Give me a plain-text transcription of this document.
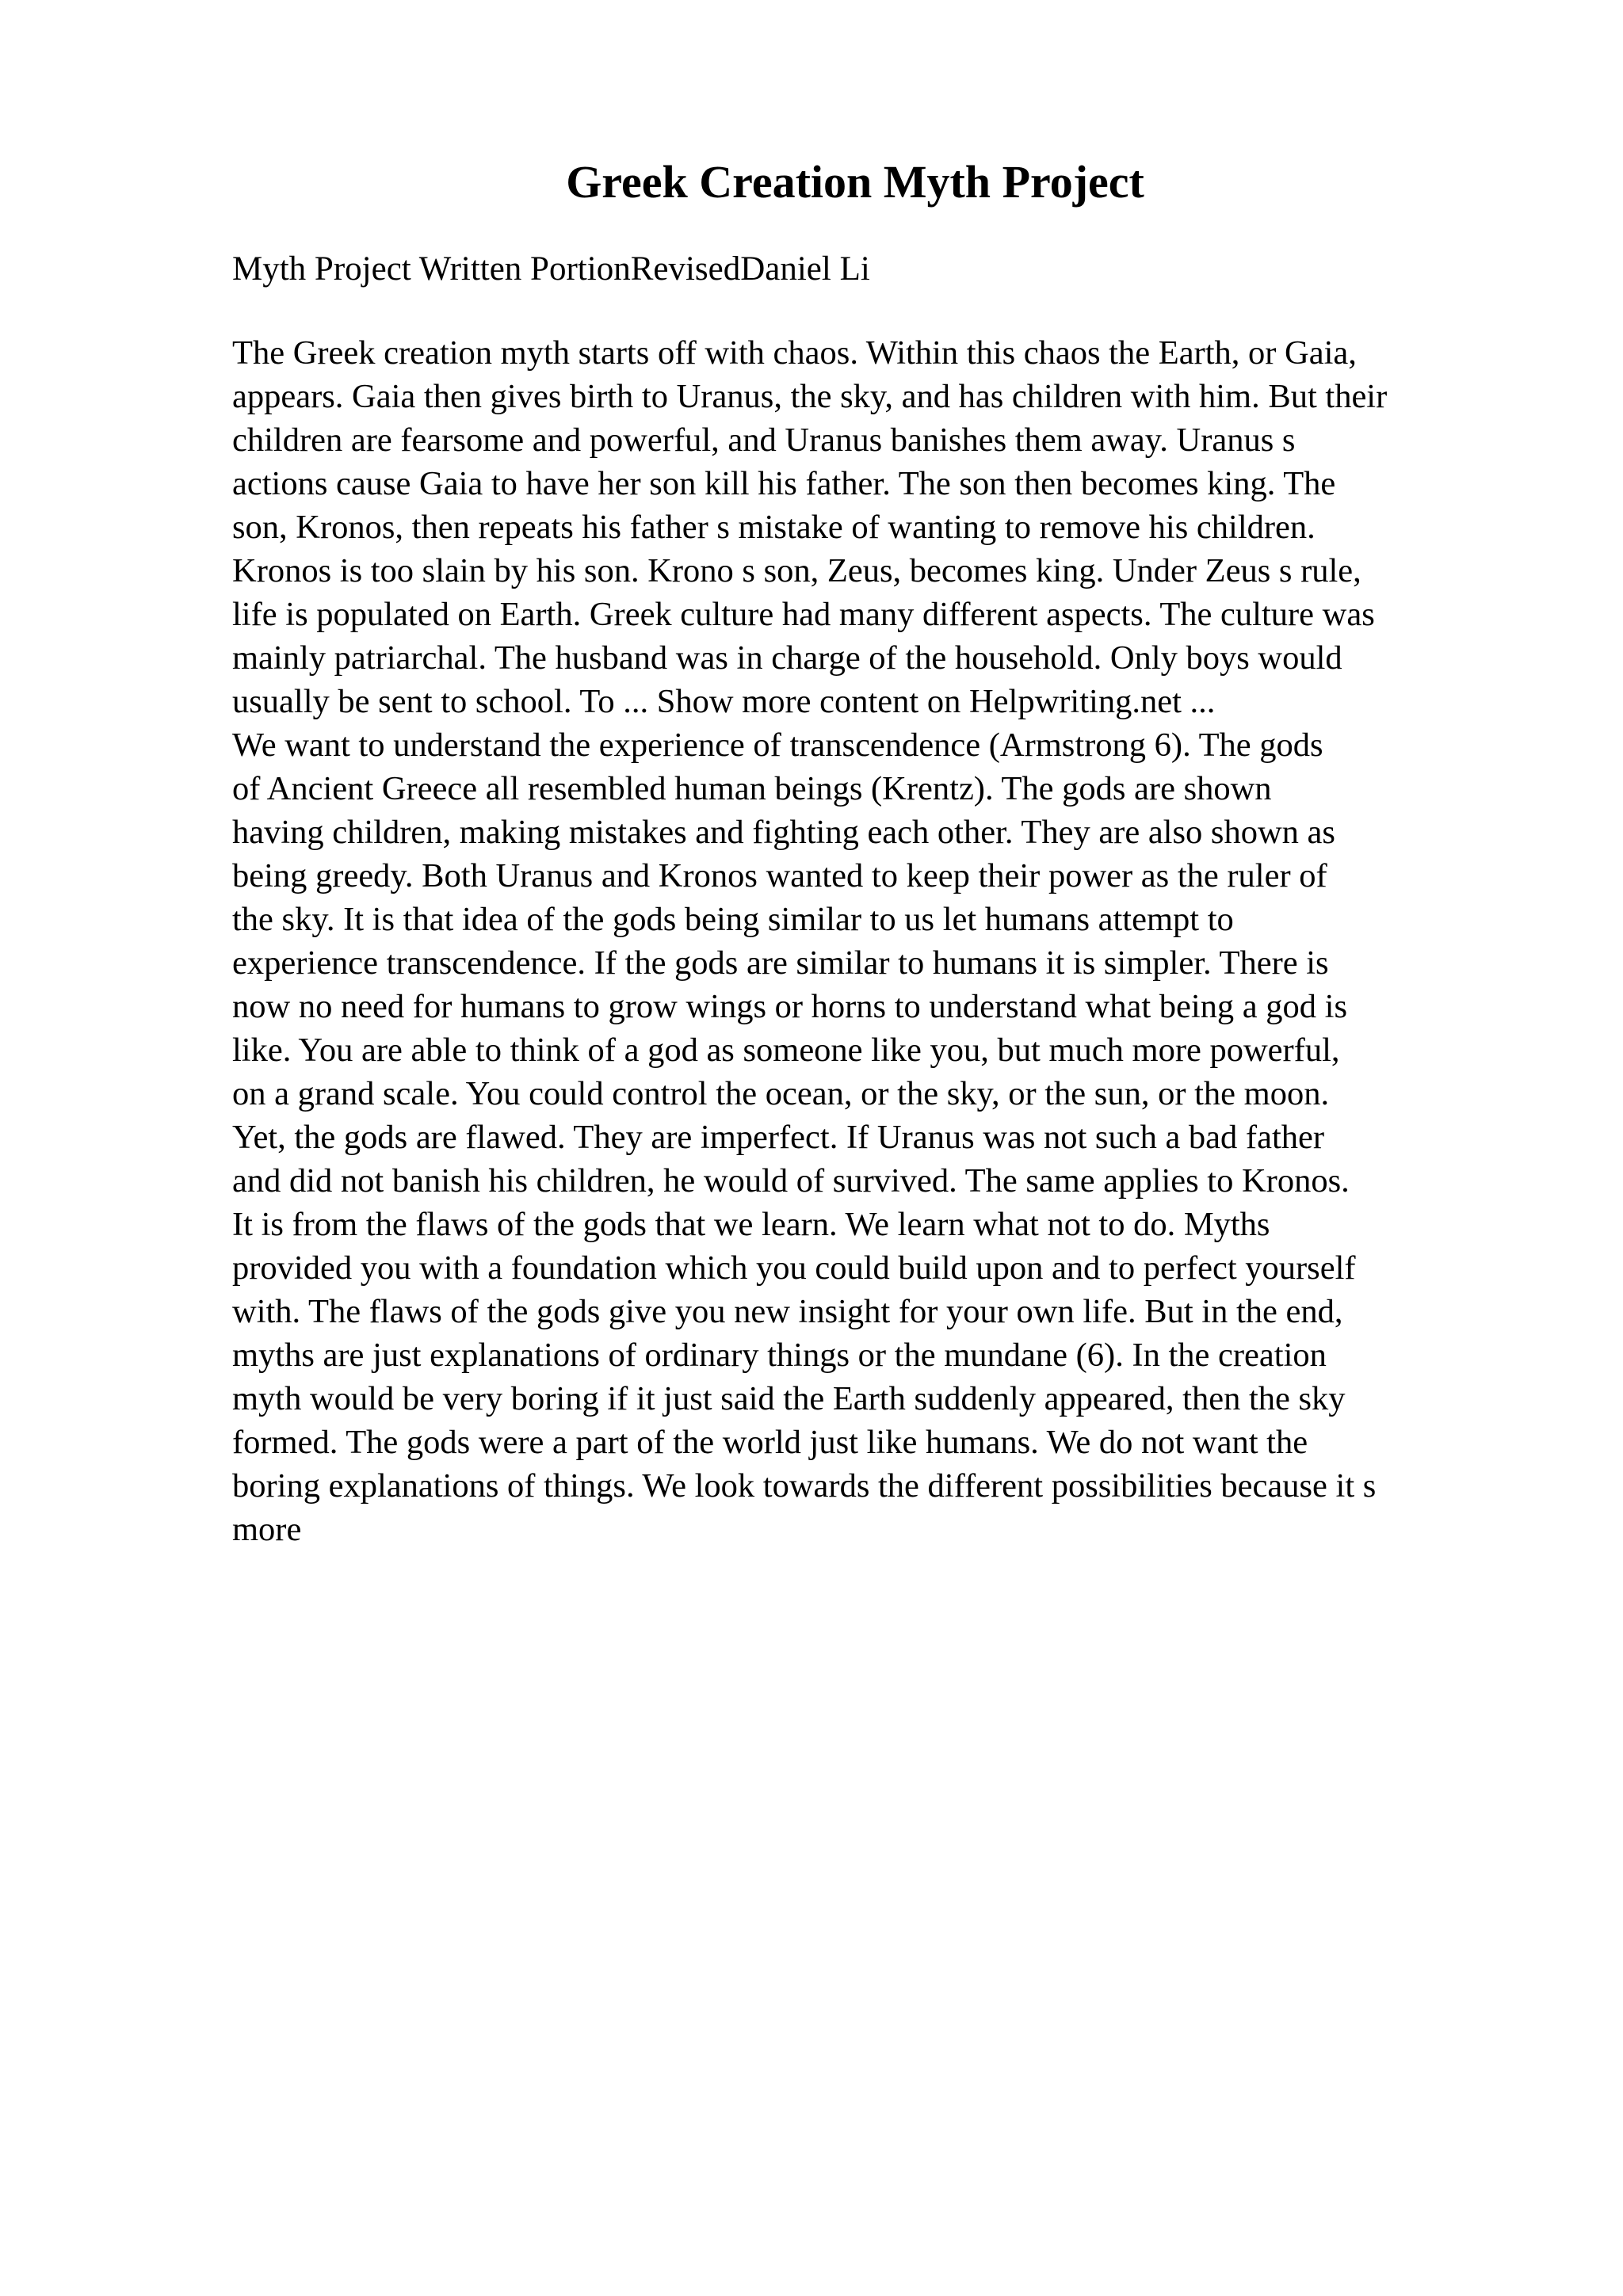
Greek Creation Myth Project

Myth Project Written PortionRevisedDaniel Li

The Greek creation myth starts off with chaos. Within this chaos the Earth, or Gaia,
appears. Gaia then gives birth to Uranus, the sky, and has children with him. But their
children are fearsome and powerful, and Uranus banishes them away. Uranus s
actions cause Gaia to have her son kill his father. The son then becomes king. The
son, Kronos, then repeats his father s mistake of wanting to remove his children.
Kronos is too slain by his son. Krono s son, Zeus, becomes king. Under Zeus s rule,
life is populated on Earth. Greek culture had many different aspects. The culture was
mainly patriarchal. The husband was in charge of the household. Only boys would
usually be sent to school. To ... Show more content on Helpwriting.net ...
We want to understand the experience of transcendence (Armstrong 6). The gods
of Ancient Greece all resembled human beings (Krentz). The gods are shown
having children, making mistakes and fighting each other. They are also shown as
being greedy. Both Uranus and Kronos wanted to keep their power as the ruler of
the sky. It is that idea of the gods being similar to us let humans attempt to
experience transcendence. If the gods are similar to humans it is simpler. There is
now no need for humans to grow wings or horns to understand what being a god is
like. You are able to think of a god as someone like you, but much more powerful,
on a grand scale. You could control the ocean, or the sky, or the sun, or the moon.
Yet, the gods are flawed. They are imperfect. If Uranus was not such a bad father
and did not banish his children, he would of survived. The same applies to Kronos.
It is from the flaws of the gods that we learn. We learn what not to do. Myths
provided you with a foundation which you could build upon and to perfect yourself
with. The flaws of the gods give you new insight for your own life. But in the end,
myths are just explanations of ordinary things or the mundane (6). In the creation
myth would be very boring if it just said the Earth suddenly appeared, then the sky
formed. The gods were a part of the world just like humans. We do not want the
boring explanations of things. We look towards the different possibilities because it s
more
